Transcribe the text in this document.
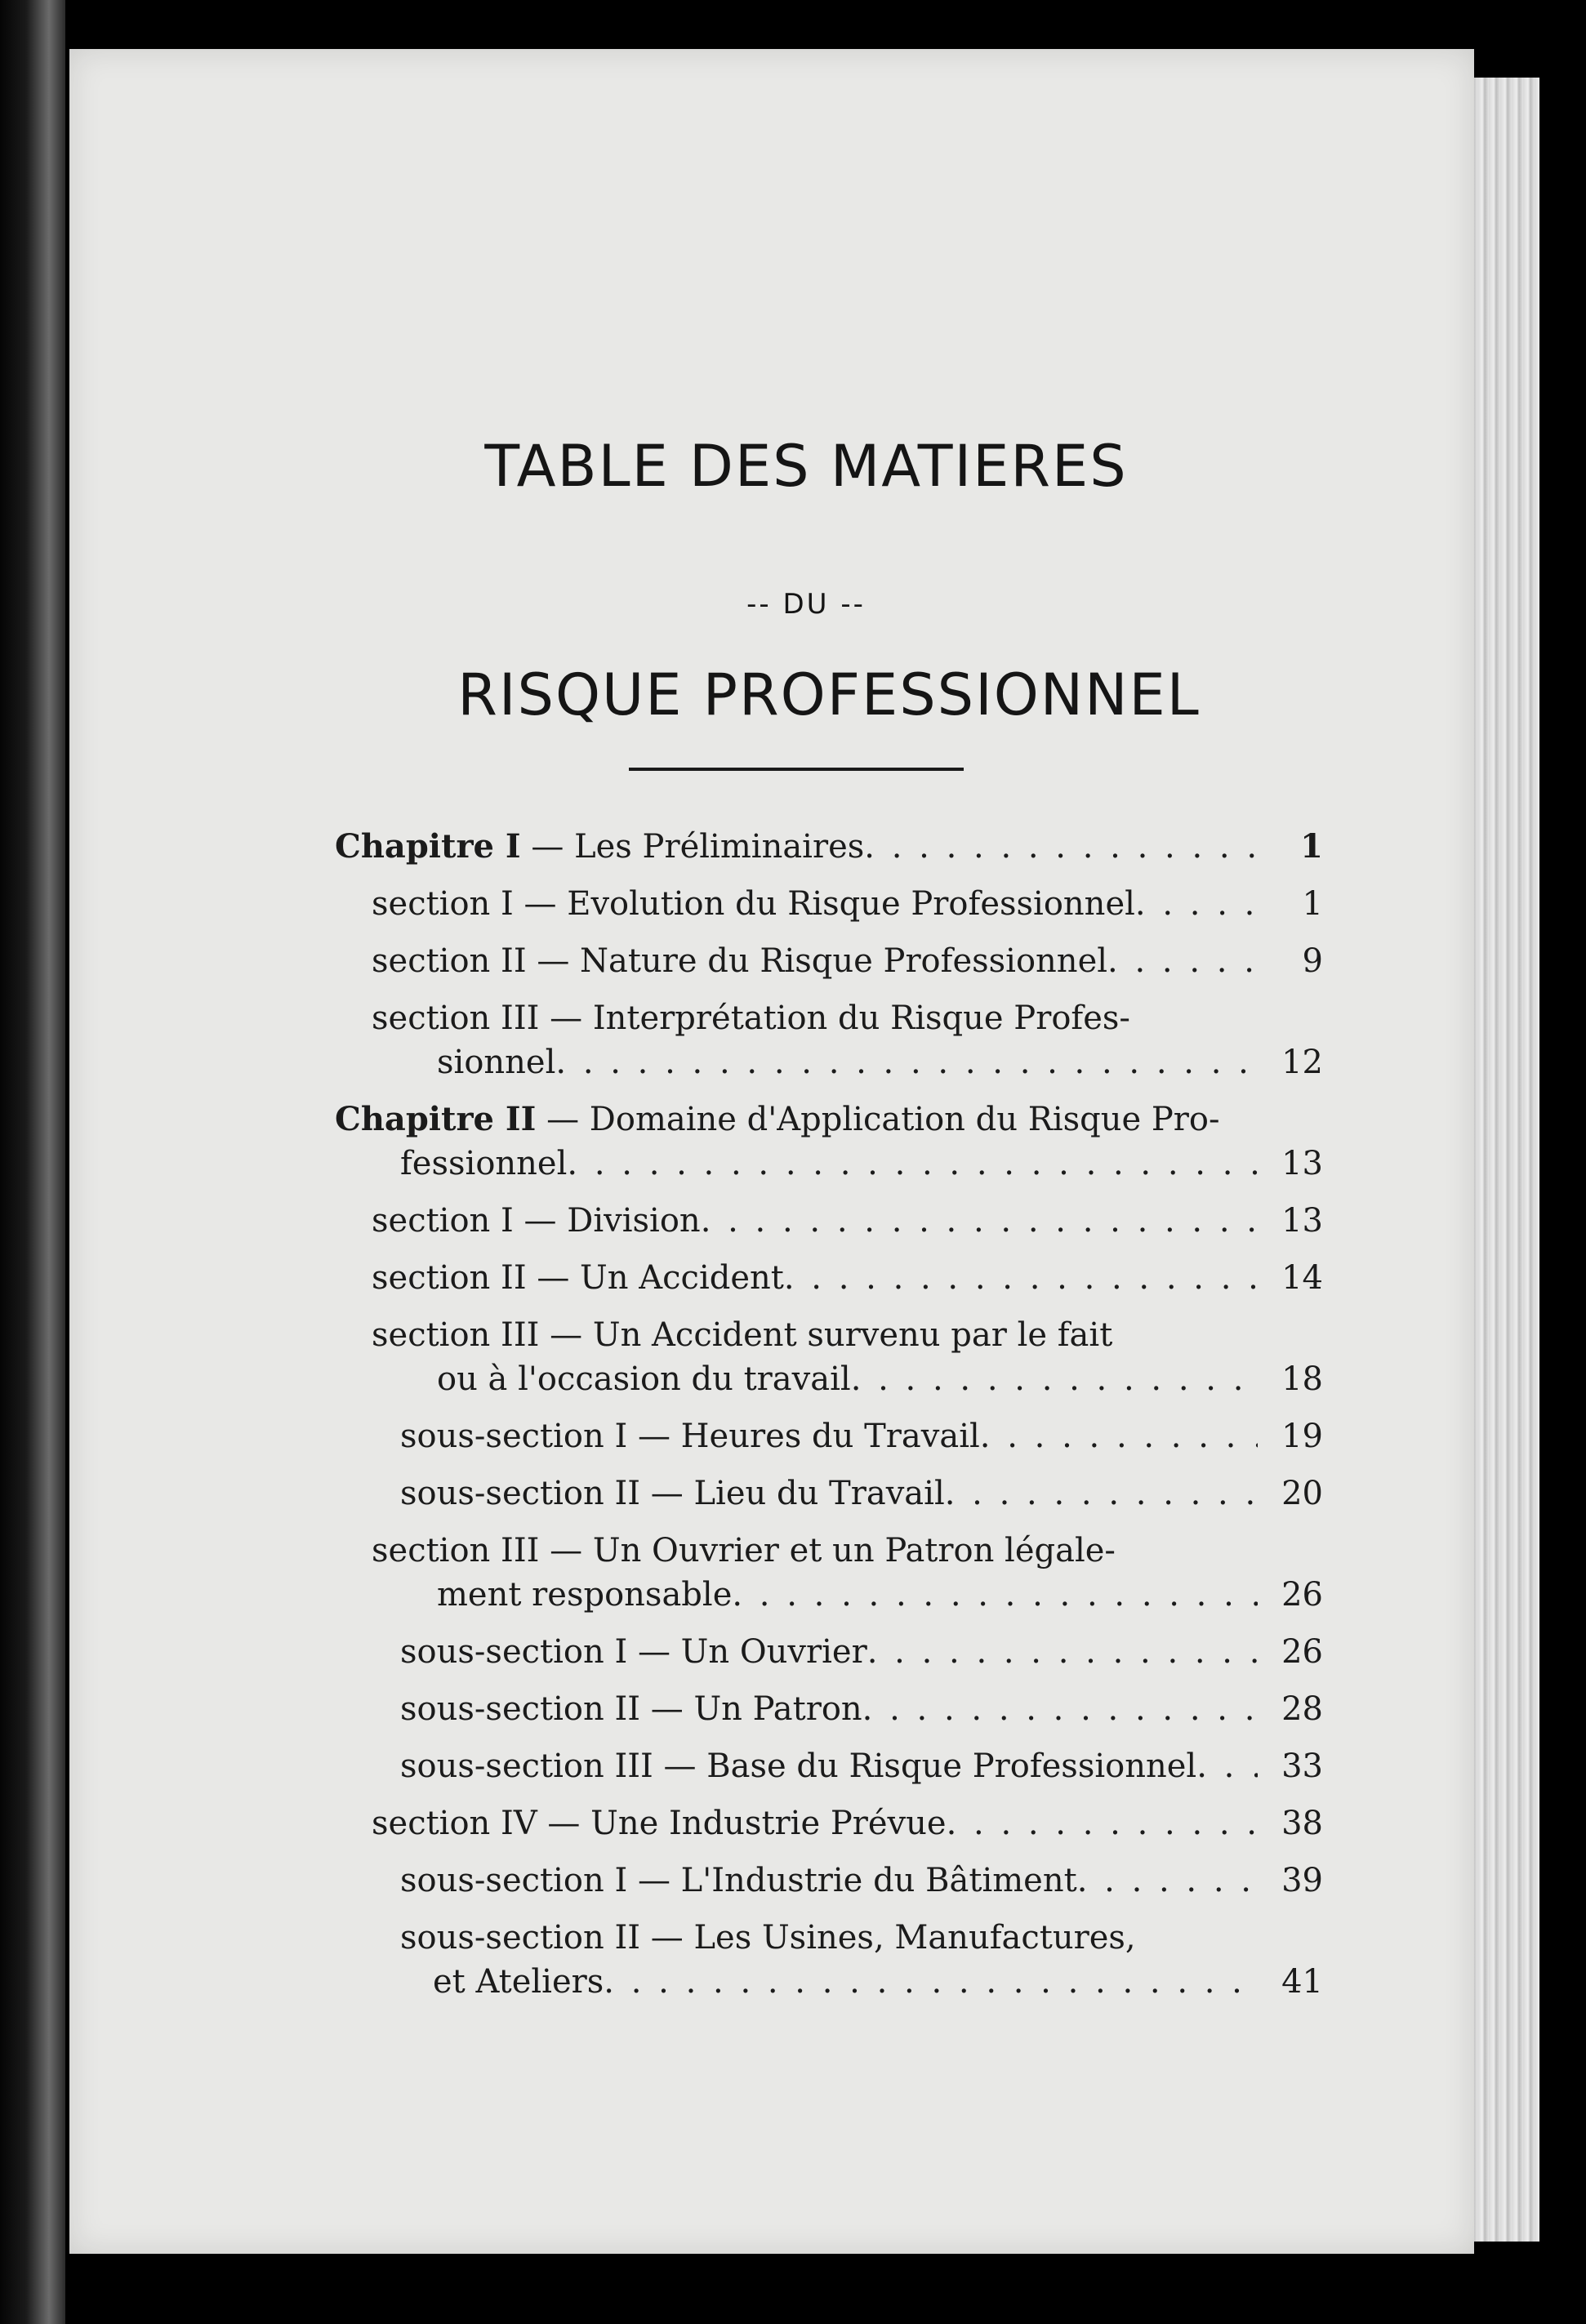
TABLE DES MATIERES
-- DU --
RISQUE PROFESSIONNEL
Chapitre I — Les Préliminaires . . .	1
section I — Evolution du Risque Professionnel . . .	1
section II — Nature du Risque Professionnel . . .	9
section III — Interprétation du Risque Profes-
sionnel . . .	12
Chapitre II — Domaine d'Application du Risque Pro-
fessionnel . . .	13
section I — Division . . .	13
section II — Un Accident . . .	14
section III — Un Accident survenu par le fait
ou à l'occasion du travail . . .	18
sous-section I — Heures du Travail . . .	19
sous-section II — Lieu du Travail . . .	20
section III — Un Ouvrier et un Patron légale-
ment responsable . . .	26
sous-section I — Un Ouvrier . . .	26
sous-section II — Un Patron . . .	28
sous-section III — Base du Risque Professionnel . . .	33
section IV — Une Industrie Prévue . . .	38
sous-section I — L'Industrie du Bâtiment . . .	39
sous-section II — Les Usines, Manufactures,
et Ateliers . . .	41
